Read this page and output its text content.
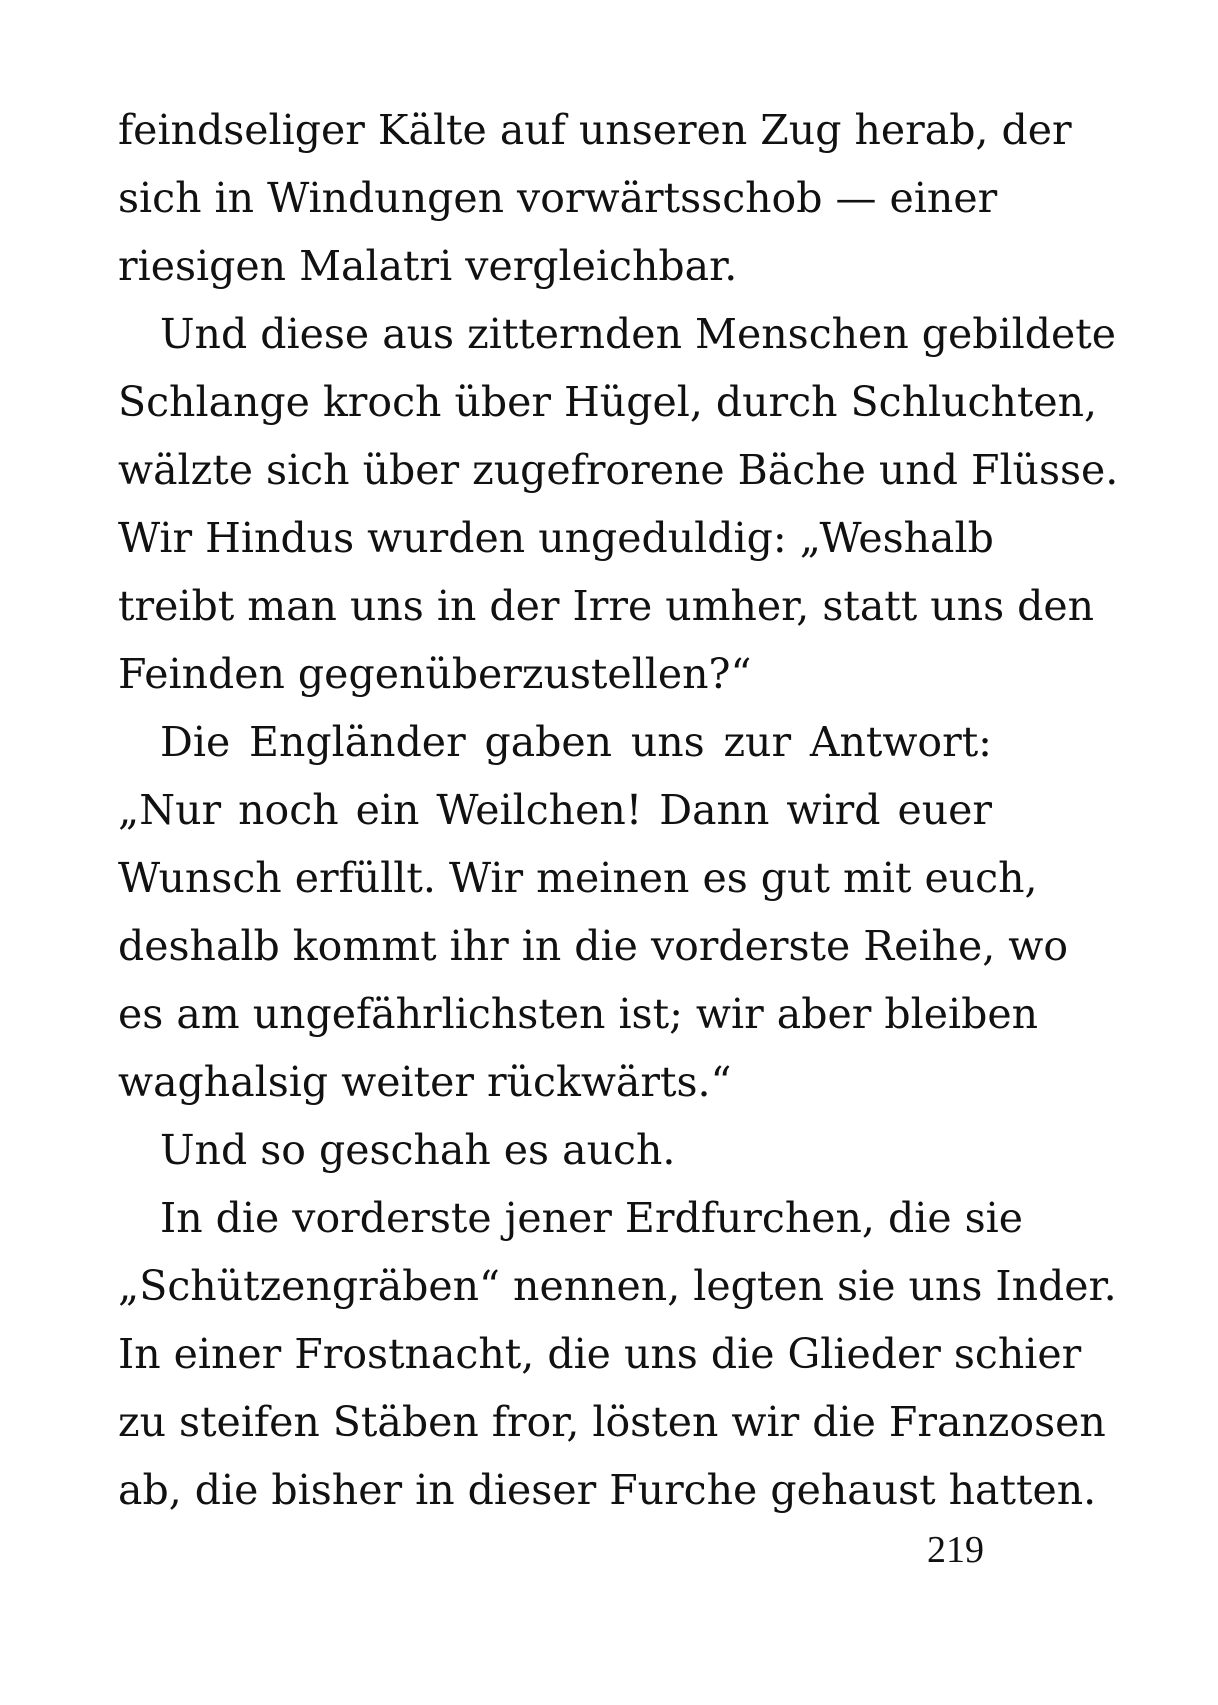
feindseliger Kälte auf unseren Zug herab, der
sich in Windungen vorwärtsschob — einer
riesigen Malatri vergleichbar.
Und diese aus zitternden Menschen gebildete
Schlange kroch über Hügel, durch Schluchten,
wälzte sich über zugefrorene Bäche und Flüsse.
Wir Hindus wurden ungeduldig: „Weshalb
treibt man uns in der Irre umher, statt uns den
Feinden gegenüberzustellen?“
Die Engländer gaben uns zur Antwort:
„Nur noch ein Weilchen! Dann wird euer
Wunsch erfüllt. Wir meinen es gut mit euch,
deshalb kommt ihr in die vorderste Reihe, wo
es am ungefährlichsten ist; wir aber bleiben
waghalsig weiter rückwärts.“
Und so geschah es auch.
In die vorderste jener Erdfurchen, die sie
„Schützengräben“ nennen, legten sie uns Inder.
In einer Frostnacht, die uns die Glieder schier
zu steifen Stäben fror, lösten wir die Franzosen
ab, die bisher in dieser Furche gehaust hatten.
219
